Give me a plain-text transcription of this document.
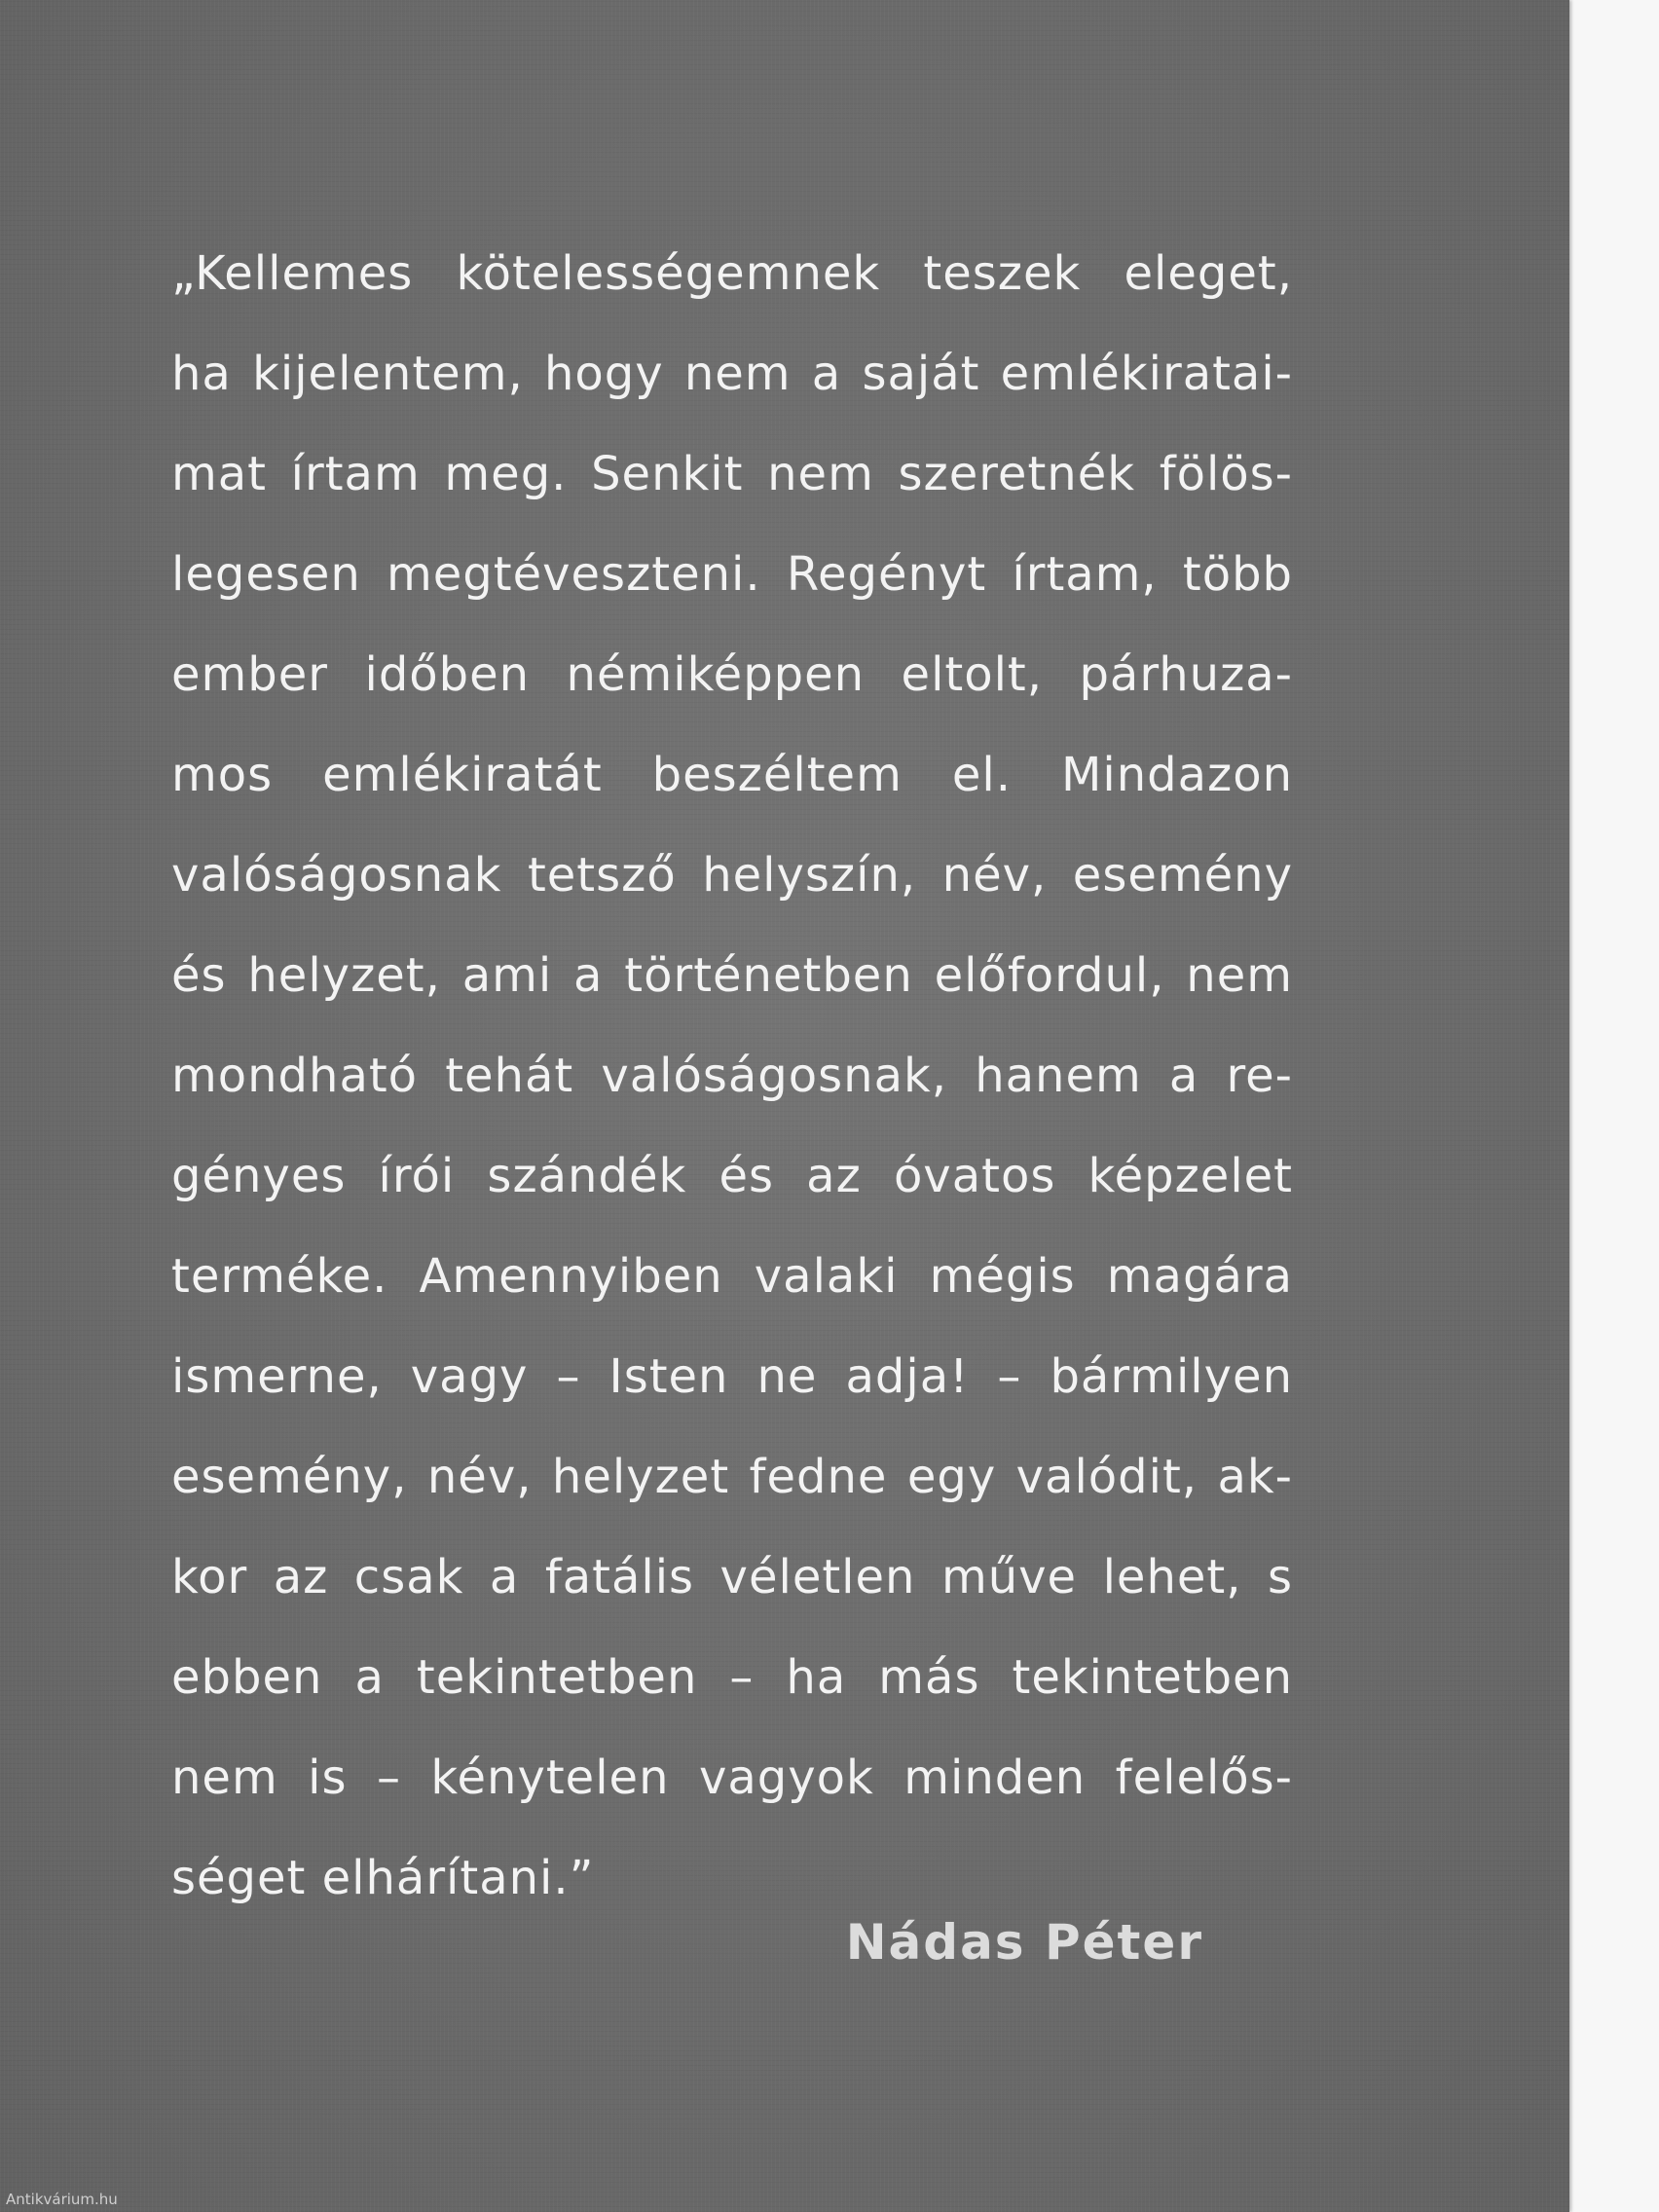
„Kellemes kötelességemnek teszek eleget,
ha kijelentem, hogy nem a saját emlékiratai-
mat írtam meg. Senkit nem szeretnék fölös-
legesen megtéveszteni. Regényt írtam, több
ember időben némiképpen eltolt, párhuza-
mos emlékiratát beszéltem el. Mindazon
valóságosnak tetsző helyszín, név, esemény
és helyzet, ami a történetben előfordul, nem
mondható tehát valóságosnak, hanem a re-
gényes írói szándék és az óvatos képzelet
terméke. Amennyiben valaki mégis magára
ismerne, vagy – Isten ne adja! – bármilyen
esemény, név, helyzet fedne egy valódit, ak-
kor az csak a fatális véletlen műve lehet, s
ebben a tekintetben – ha más tekintetben
nem is – kénytelen vagyok minden felelős-
séget elhárítani.”

Nádas Péter

Antikvárium.hu
